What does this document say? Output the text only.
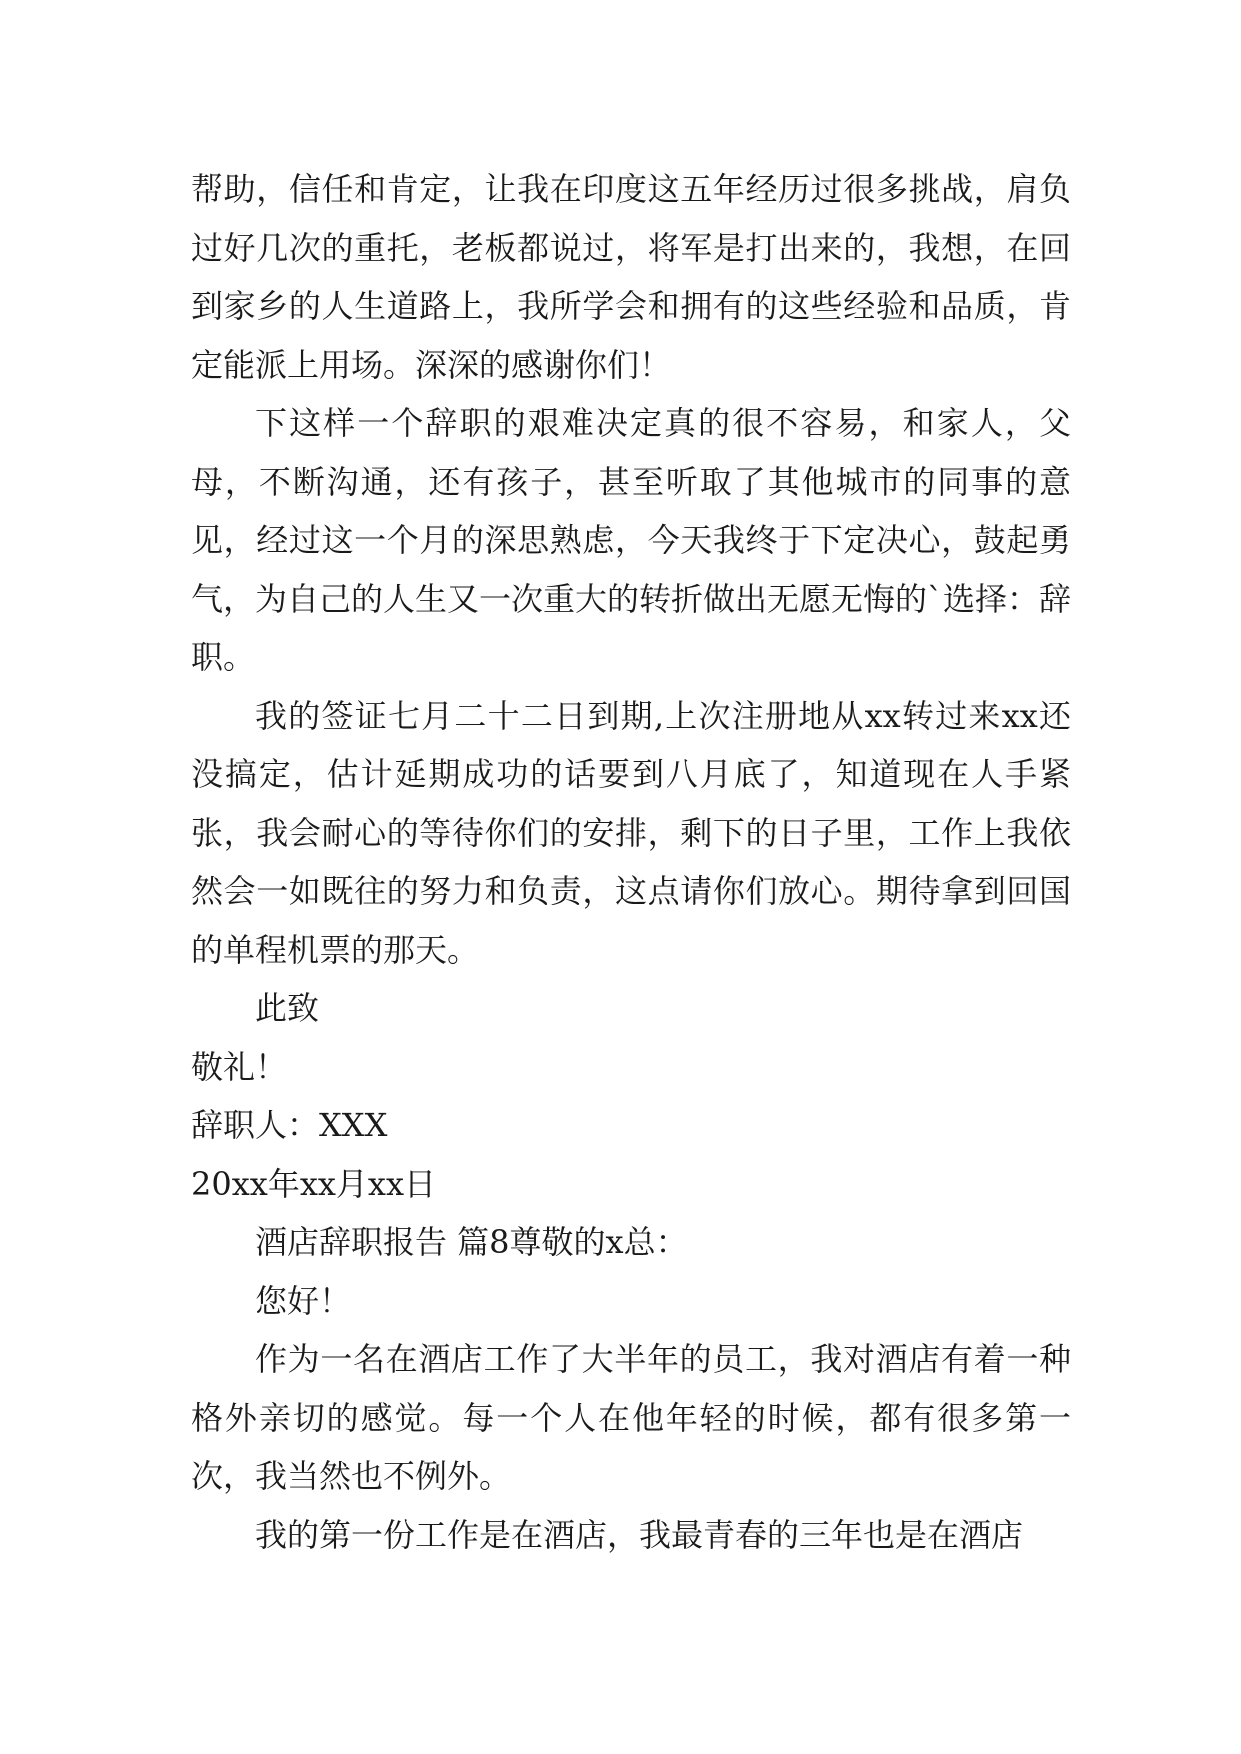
帮助，信任和肯定，让我在印度这五年经历过很多挑战，肩负过好几次的重托，老板都说过，将军是打出来的，我想，在回到家乡的人生道路上，我所学会和拥有的这些经验和品质，肯定能派上用场。深深的感谢你们！

下这样一个辞职的艰难决定真的很不容易，和家人，父母，不断沟通，还有孩子，甚至听取了其他城市的同事的意见，经过这一个月的深思熟虑，今天我终于下定决心，鼓起勇气，为自己的人生又一次重大的转折做出无愿无悔的`选择：辞职。

我的签证七月二十二日到期,上次注册地从xx转过来xx还没搞定，估计延期成功的话要到八月底了，知道现在人手紧张，我会耐心的等待你们的安排，剩下的日子里，工作上我依然会一如既往的努力和负责，这点请你们放心。期待拿到回国的单程机票的那天。

此致

敬礼！

辞职人：XXX

20xx年xx月xx日

酒店辞职报告 篇8尊敬的x总：

您好！

作为一名在酒店工作了大半年的员工，我对酒店有着一种格外亲切的感觉。每一个人在他年轻的时候，都有很多第一次，我当然也不例外。

我的第一份工作是在酒店，我最青春的三年也是在酒店
